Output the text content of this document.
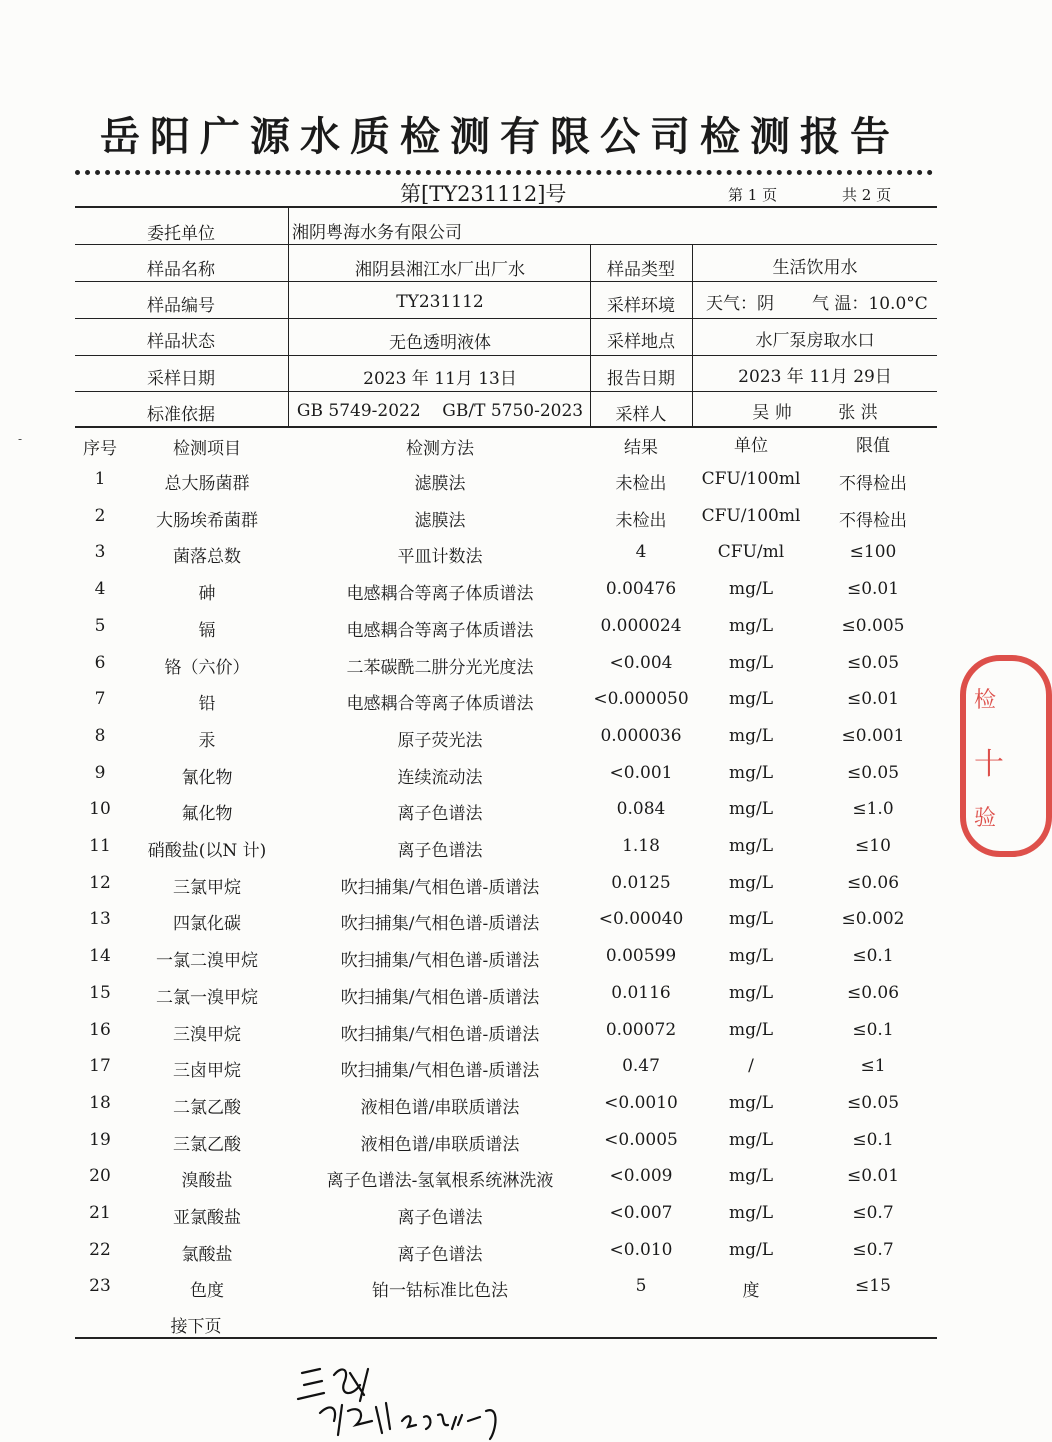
岳阳广源水质检测有限公司检测报告
第[TY231112]号	第 1 页	共 2 页
委托单位	湘阴粤海水务有限公司
样品名称	湘阴县湘江水厂出厂水	样品类型	生活饮用水
样品编号	TY231112	采样环境 天气：阴 气 温：10.0°C
样品状态	无色透明液体	采样地点	水厂泵房取水口
采样日期	2023 年 11月 13日	报告日期	2023 年 11月 29日
标准依据	GB 5749-2022    GB/T 5750-2023 采样人	吴 帅	张 洪
序号	检测项目	检测方法	结果	单位	限值
1	总大肠菌群	滤膜法	未检出 CFU/100ml 不得检出
2	大肠埃希菌群	滤膜法	未检出 CFU/100ml 不得检出
3	菌落总数	平皿计数法	4	CFU/ml	≤100
4	砷	电感耦合等离子体质谱法	0.00476	mg/L	≤0.01
5	镉	电感耦合等离子体质谱法	0.000024	mg/L	≤0.005
6	铬（六价）	二苯碳酰二肼分光光度法	<0.004	mg/L	≤0.05
7	铅	电感耦合等离子体质谱法	<0.000050 mg/L	≤0.01
8	汞	原子荧光法	0.000036	mg/L	≤0.001
9	氰化物	连续流动法	<0.001	mg/L	≤0.05
10	氟化物	离子色谱法	0.084	mg/L	≤1.0
11 硝酸盐(以N 计)	离子色谱法	1.18	mg/L	≤10
12	三氯甲烷	吹扫捕集/气相色谱-质谱法	0.0125	mg/L	≤0.06
13	四氯化碳	吹扫捕集/气相色谱-质谱法	<0.00040	mg/L	≤0.002
14	一氯二溴甲烷	吹扫捕集/气相色谱-质谱法	0.00599	mg/L	≤0.1
15	二氯一溴甲烷	吹扫捕集/气相色谱-质谱法	0.0116	mg/L	≤0.06
16	三溴甲烷	吹扫捕集/气相色谱-质谱法	0.00072	mg/L	≤0.1
17	三卤甲烷	吹扫捕集/气相色谱-质谱法	0.47	/	≤1
18	二氯乙酸	液相色谱/串联质谱法	<0.0010	mg/L	≤0.05
19	三氯乙酸	液相色谱/串联质谱法	<0.0005	mg/L	≤0.1
20	溴酸盐	离子色谱法-氢氧根系统淋洗液	<0.009	mg/L	≤0.01
21	亚氯酸盐	离子色谱法	<0.007	mg/L	≤0.7
22	氯酸盐	离子色谱法	<0.010	mg/L	≤0.7
23	色度	铂一钴标准比色法	5	度	≤15
接下页
检
十
验
-
